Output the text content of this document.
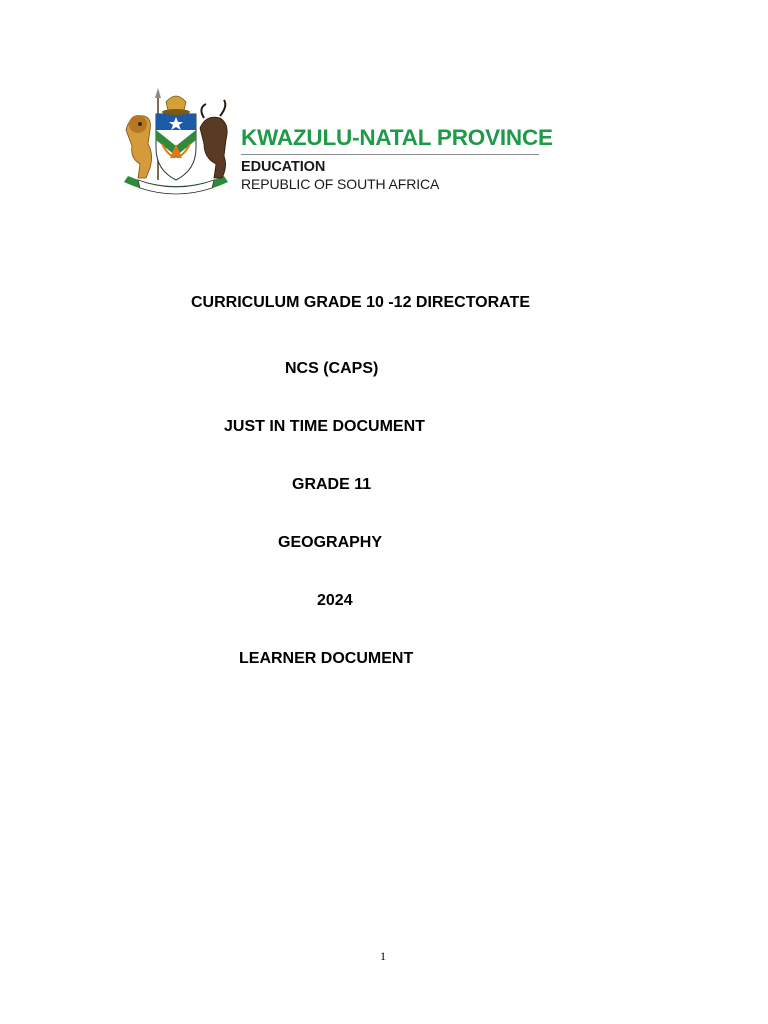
KWAZULU-NATAL PROVINCE
EDUCATION
REPUBLIC OF SOUTH AFRICA
CURRICULUM GRADE 10 -12 DIRECTORATE
NCS (CAPS)
JUST IN TIME DOCUMENT
GRADE 11
GEOGRAPHY
2024
LEARNER DOCUMENT
1
